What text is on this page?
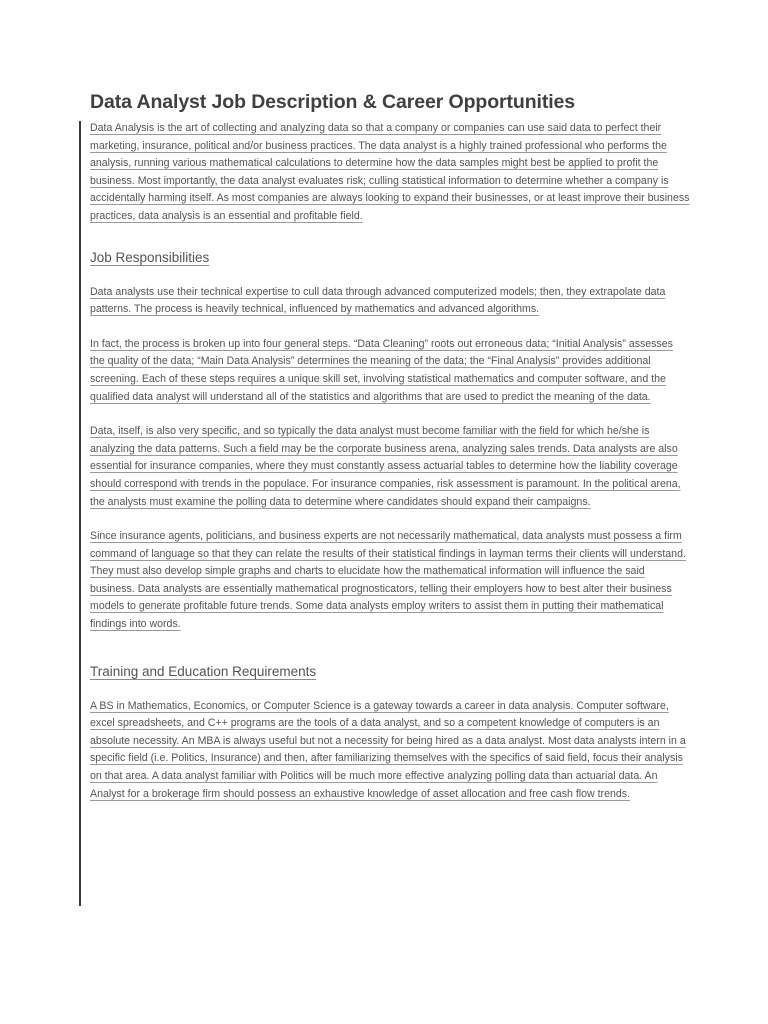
Data Analyst Job Description & Career Opportunities

Data Analysis is the art of collecting and analyzing data so that a company or companies can use said data to perfect their marketing, insurance, political and/or business practices. The data analyst is a highly trained professional who performs the analysis, running various mathematical calculations to determine how the data samples might best be applied to profit the business. Most importantly, the data analyst evaluates risk; culling statistical information to determine whether a company is accidentally harming itself. As most companies are always looking to expand their businesses, or at least improve their business practices, data analysis is an essential and profitable field.

Job Responsibilities

Data analysts use their technical expertise to cull data through advanced computerized models; then, they extrapolate data patterns. The process is heavily technical, influenced by mathematics and advanced algorithms.

In fact, the process is broken up into four general steps. “Data Cleaning” roots out erroneous data; “Initial Analysis” assesses the quality of the data; “Main Data Analysis” determines the meaning of the data; the “Final Analysis” provides additional screening. Each of these steps requires a unique skill set, involving statistical mathematics and computer software, and the qualified data analyst will understand all of the statistics and algorithms that are used to predict the meaning of the data.

Data, itself, is also very specific, and so typically the data analyst must become familiar with the field for which he/she is analyzing the data patterns. Such a field may be the corporate business arena, analyzing sales trends. Data analysts are also essential for insurance companies, where they must constantly assess actuarial tables to determine how the liability coverage should correspond with trends in the populace. For insurance companies, risk assessment is paramount. In the political arena, the analysts must examine the polling data to determine where candidates should expand their campaigns.

Since insurance agents, politicians, and business experts are not necessarily mathematical, data analysts must possess a firm command of language so that they can relate the results of their statistical findings in layman terms their clients will understand. They must also develop simple graphs and charts to elucidate how the mathematical information will influence the said business. Data analysts are essentially mathematical prognosticators, telling their employers how to best alter their business models to generate profitable future trends. Some data analysts employ writers to assist them in putting their mathematical findings into words.

Training and Education Requirements

A BS in Mathematics, Economics, or Computer Science is a gateway towards a career in data analysis. Computer software, excel spreadsheets, and C++ programs are the tools of a data analyst, and so a competent knowledge of computers is an absolute necessity. An MBA is always useful but not a necessity for being hired as a data analyst. Most data analysts intern in a specific field (i.e. Politics, Insurance) and then, after familiarizing themselves with the specifics of said field, focus their analysis on that area. A data analyst familiar with Politics will be much more effective analyzing polling data than actuarial data. An Analyst for a brokerage firm should possess an exhaustive knowledge of asset allocation and free cash flow trends.
